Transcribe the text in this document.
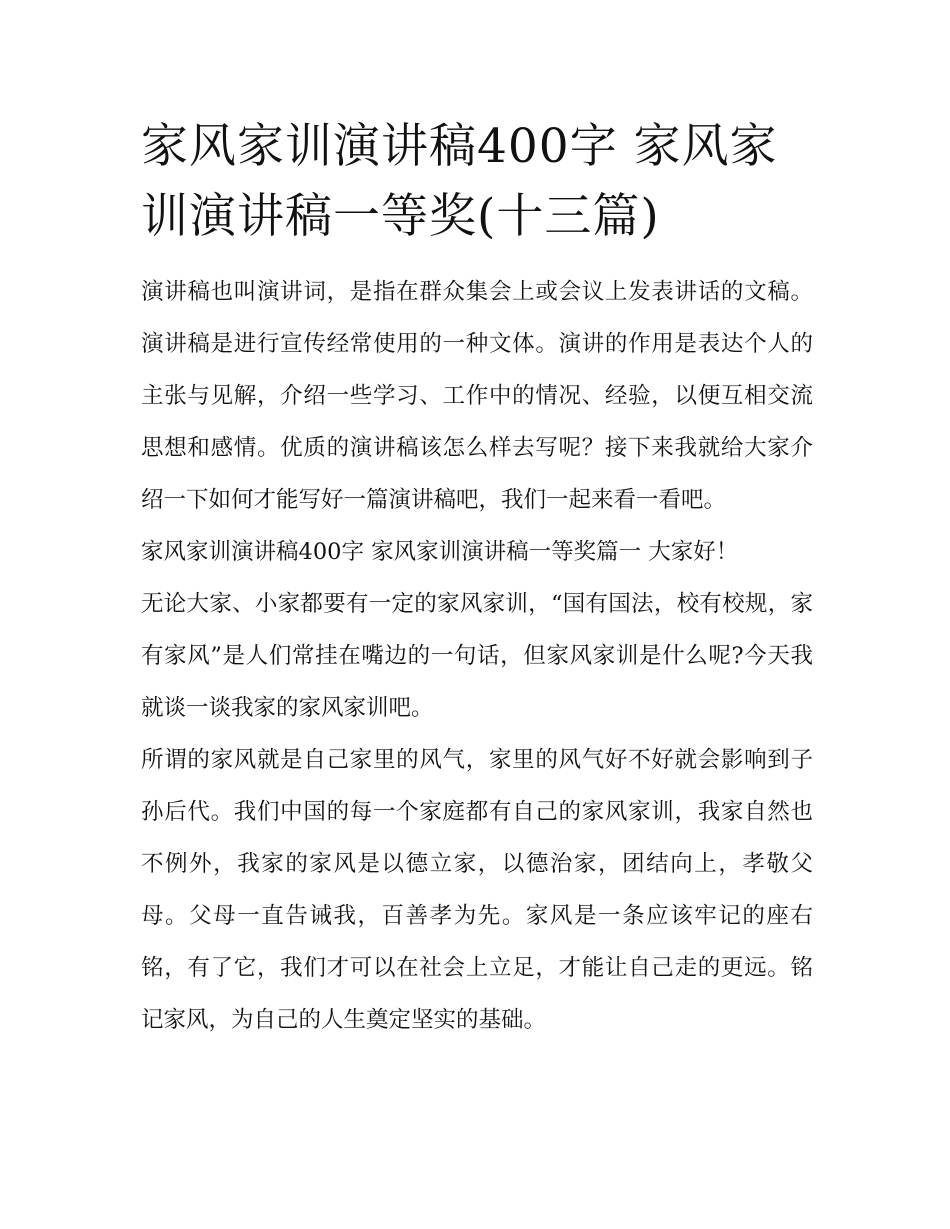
家风家训演讲稿400字 家风家训演讲稿一等奖(十三篇)

演讲稿也叫演讲词，是指在群众集会上或会议上发表讲话的文稿。演讲稿是进行宣传经常使用的一种文体。演讲的作用是表达个人的主张与见解，介绍一些学习、工作中的情况、经验，以便互相交流思想和感情。优质的演讲稿该怎么样去写呢？接下来我就给大家介绍一下如何才能写好一篇演讲稿吧，我们一起来看一看吧。

家风家训演讲稿400字 家风家训演讲稿一等奖篇一 大家好！

无论大家、小家都要有一定的家风家训，“国有国法，校有校规，家有家风”是人们常挂在嘴边的一句话，但家风家训是什么呢?今天我就谈一谈我家的家风家训吧。

所谓的家风就是自己家里的风气，家里的风气好不好就会影响到子孙后代。我们中国的每一个家庭都有自己的家风家训，我家自然也不例外，我家的家风是以德立家，以德治家，团结向上，孝敬父母。父母一直告诫我，百善孝为先。家风是一条应该牢记的座右铭，有了它，我们才可以在社会上立足，才能让自己走的更远。铭记家风，为自己的人生奠定坚实的基础。
